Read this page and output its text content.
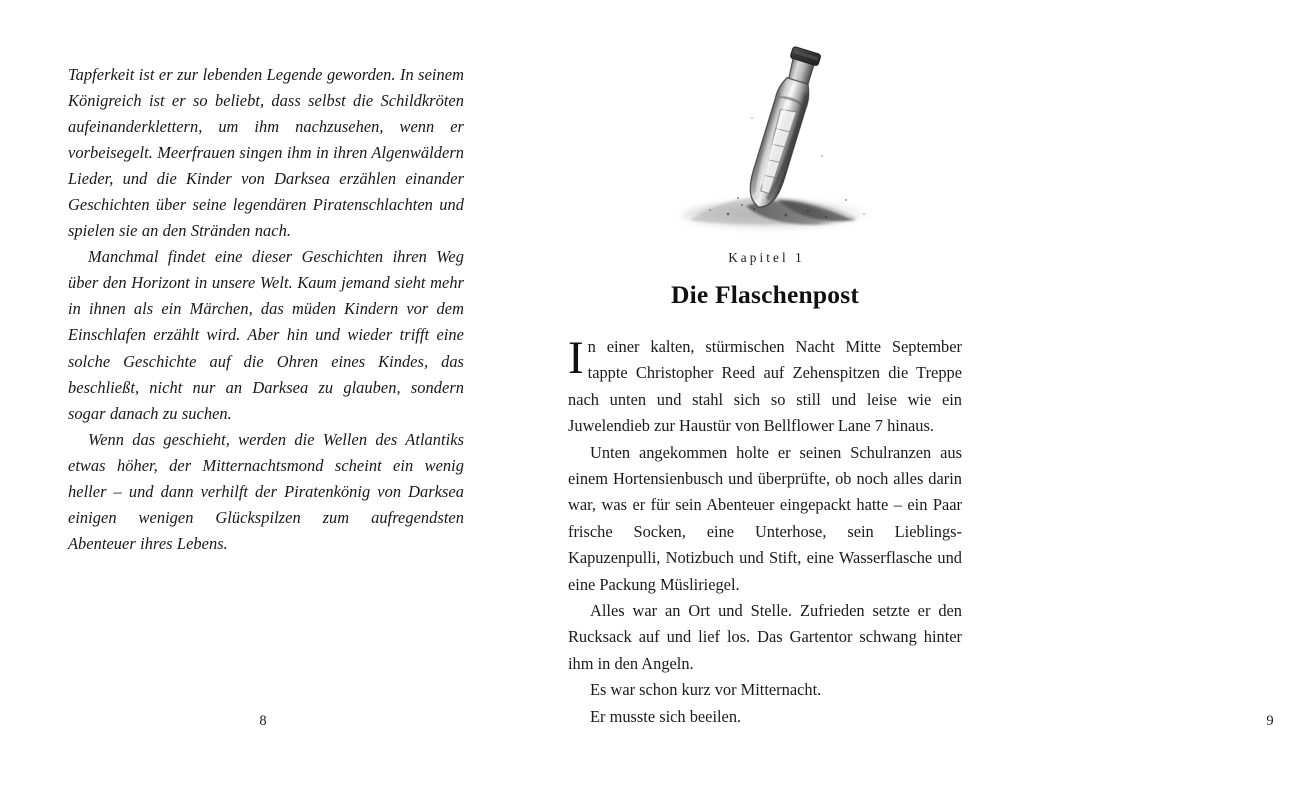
Tapferkeit ist er zur lebenden Legende geworden. In seinem Königreich ist er so beliebt, dass selbst die Schildkröten aufeinanderklettern, um ihm nachzusehen, wenn er vorbeisegelt. Meerfrauen singen ihm in ihren Algenwäldern Lieder, und die Kinder von Darksea erzählen einander Geschichten über seine legendären Piratenschlachten und spielen sie an den Stränden nach.

Manchmal findet eine dieser Geschichten ihren Weg über den Horizont in unsere Welt. Kaum jemand sieht mehr in ihnen als ein Märchen, das müden Kindern vor dem Einschlafen erzählt wird. Aber hin und wieder trifft eine solche Geschichte auf die Ohren eines Kindes, das beschließt, nicht nur an Darksea zu glauben, sondern sogar danach zu suchen.

Wenn das geschieht, werden die Wellen des Atlantiks etwas höher, der Mitternachtsmond scheint ein wenig heller – und dann verhilft der Piratenkönig von Darksea einigen wenigen Glückspilzen zum aufregendsten Abenteuer ihres Lebens.

8
Kapitel 1
Die Flaschenpost

In einer kalten, stürmischen Nacht Mitte September tappte Christopher Reed auf Zehenspitzen die Treppe nach unten und stahl sich so still und leise wie ein Juwelendieb zur Haustür von Bellflower Lane 7 hinaus.

Unten angekommen holte er seinen Schulranzen aus einem Hortensienbusch und überprüfte, ob noch alles darin war, was er für sein Abenteuer eingepackt hatte – ein Paar frische Socken, eine Unterhose, sein Lieblings-Kapuzenpulli, Notizbuch und Stift, eine Wasserflasche und eine Packung Müsliriegel.

Alles war an Ort und Stelle. Zufrieden setzte er den Rucksack auf und lief los. Das Gartentor schwang hinter ihm in den Angeln.

Es war schon kurz vor Mitternacht.

Er musste sich beeilen.	9
